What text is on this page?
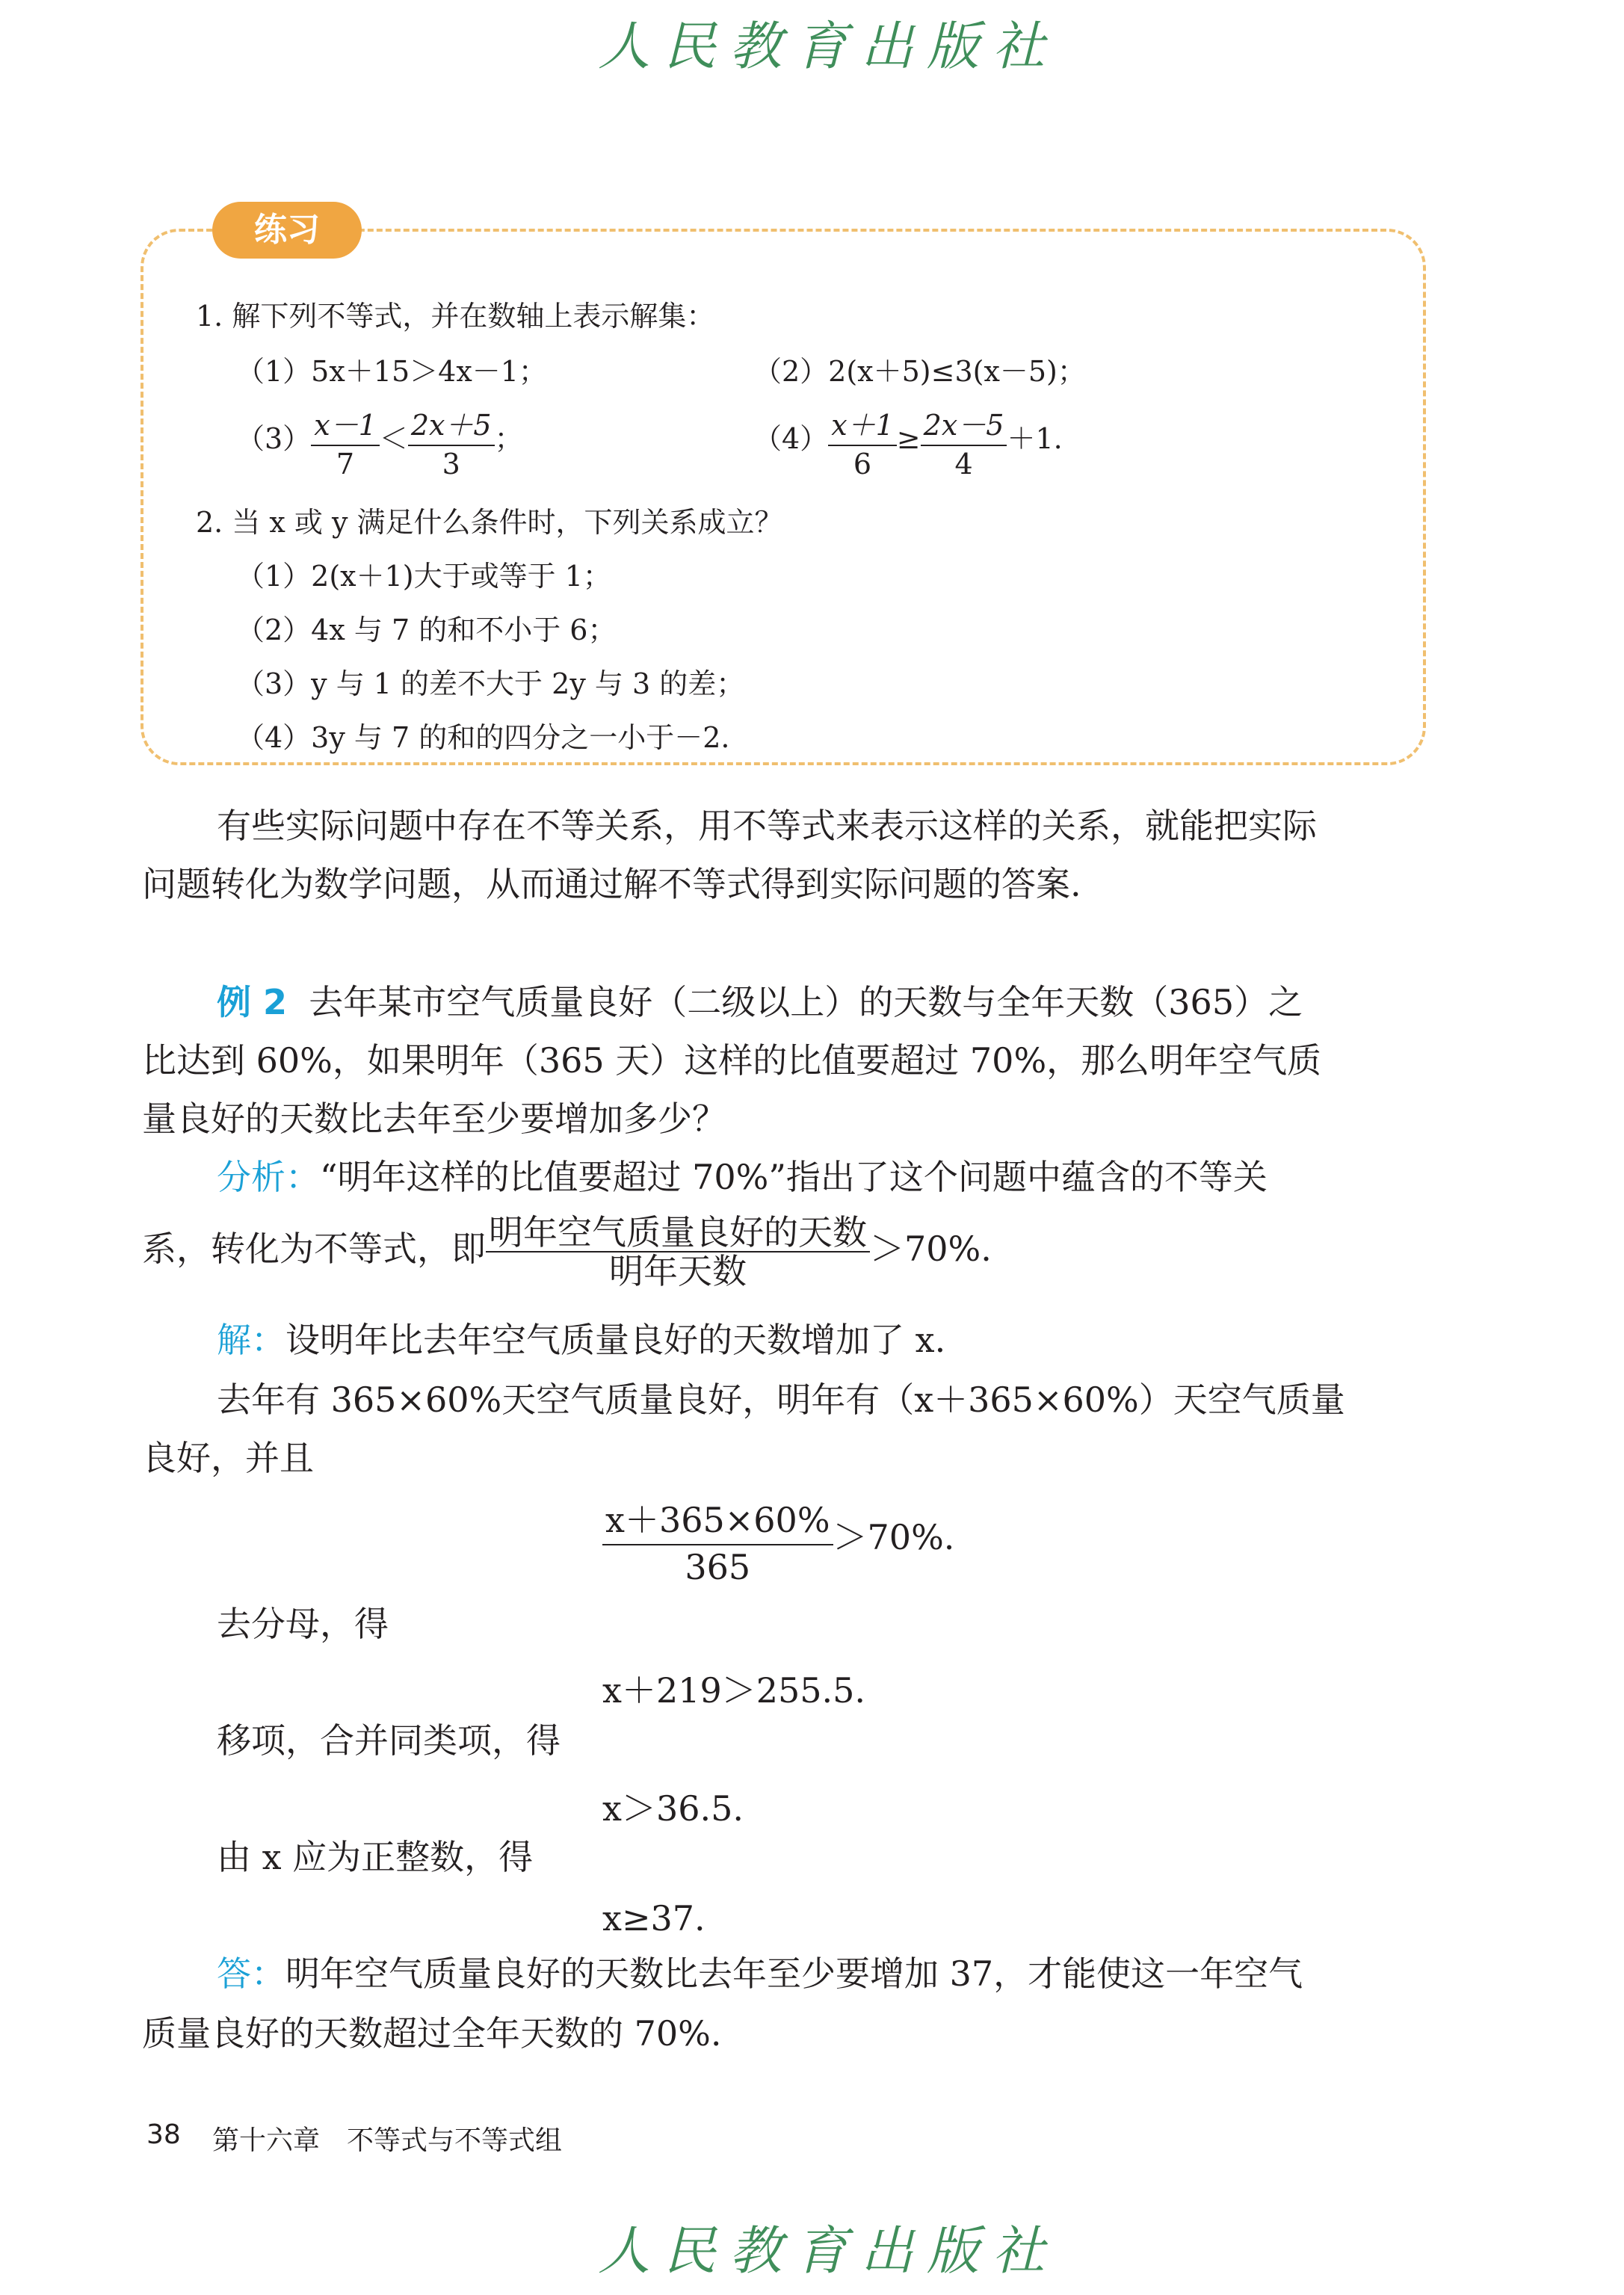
人民教育出版社
练习
1. 解下列不等式，并在数轴上表示解集：
（1）5x＋15＞4x－1；	（2）2(x＋5)≤3(x－5)；
$(3) \frac{x-1}{7} < \frac{2x+5}{3}$ ；	$(4) \frac{x+1}{6} \ge \frac{2x-5}{4} +1$.
2. 当 x 或 y 满足什么条件时，下列关系成立？
（1）2(x＋1)大于或等于 1；
（2）4x 与 7 的和不小于 6；
（3）y 与 1 的差不大于 2y 与 3 的差；
（4）3y 与 7 的和的四分之一小于－2.
有些实际问题中存在不等关系，用不等式来表示这样的关系，就能把实际
问题转化为数学问题，从而通过解不等式得到实际问题的答案.
例 2 去年某市空气质量良好（二级以上）的天数与全年天数（365）之
比达到 60%，如果明年（365 天）这样的比值要超过 70%，那么明年空气质
量良好的天数比去年至少要增加多少？
分析：“明年这样的比值要超过 70%”指出了这个问题中蕴含的不等关
系，转化为不等式，即 $\frac{\text{明年空气质量良好的天数}}{\text{明年天数}} >70\%$.
解：设明年比去年空气质量良好的天数增加了 x.
去年有 365×60%天空气质量良好，明年有（x＋365×60%）天空气质量
良好，并且
$\frac{x+365\times 60\%}{365} >70\%$.
去分母，得
x＋219＞255.5.
移项，合并同类项，得
x＞36.5.
由 x 应为正整数，得
x≥37.
答：明年空气质量良好的天数比去年至少要增加 37，才能使这一年空气
质量良好的天数超过全年天数的 70%.
38 第十六章　不等式与不等式组
人民教育出版社
